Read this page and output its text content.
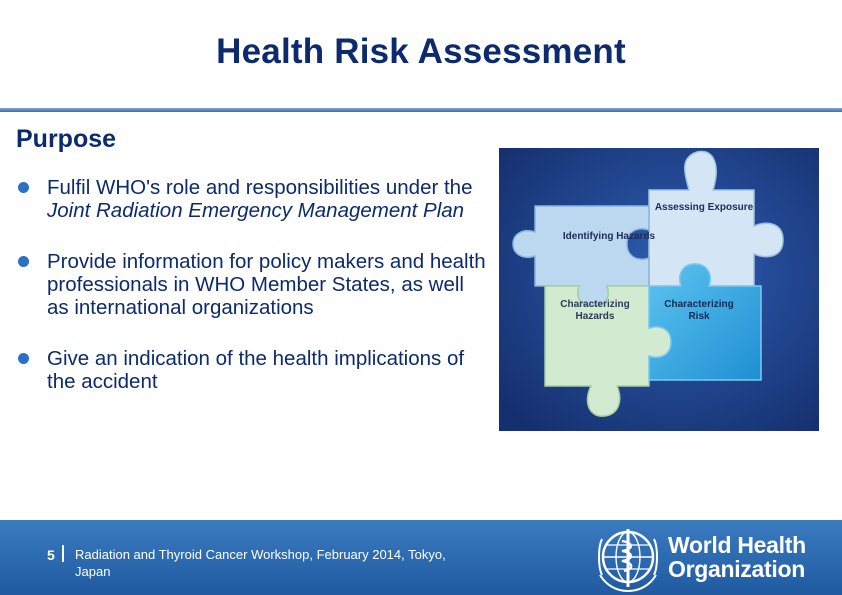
Health Risk Assessment
Purpose
Fulfil WHO's role and responsibilities under the Joint Radiation Emergency Management Plan
Provide information for policy makers and health professionals in WHO Member States, as well as international organizations
Give an indication of the health implications of the accident
Assessing Exposure
Identifying Hazards
Characterizing
Hazards
Characterizing
Risk
5 Radiation and Thyroid Cancer Workshop, February 2014, Tokyo, Japan
World Health
Organization
